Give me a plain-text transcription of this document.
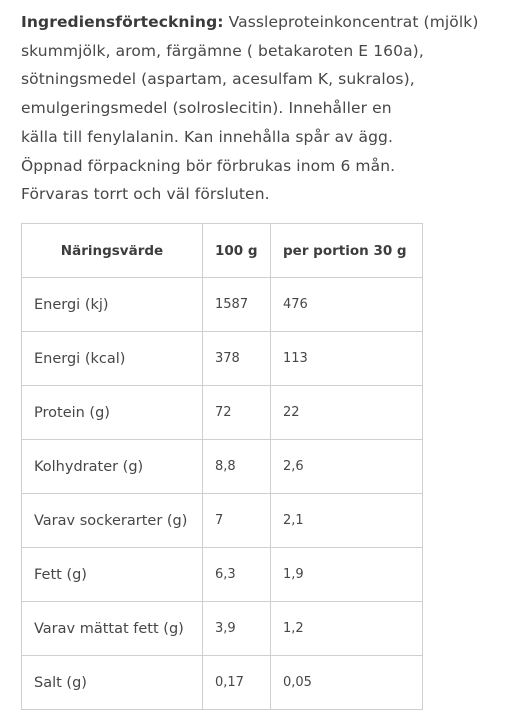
Ingrediensförteckning: Vassleproteinkoncentrat (mjölk)
skummjölk, arom, färgämne ( betakaroten E 160a),
sötningsmedel (aspartam, acesulfam K, sukralos),
emulgeringsmedel (solroslecitin). Innehåller en
källa till fenylalanin. Kan innehålla spår av ägg.
Öppnad förpackning bör förbrukas inom 6 mån.
Förvaras torrt och väl försluten.
Näringsvärde	100 g	per portion 30 g
Energi (kj)	1587	476
Energi (kcal)	378	113
Protein (g)	72	22
Kolhydrater (g)	8,8	2,6
Varav sockerarter (g)	7	2,1
Fett (g)	6,3	1,9
Varav mättat fett (g)	3,9	1,2
Salt (g)	0,17	0,05
